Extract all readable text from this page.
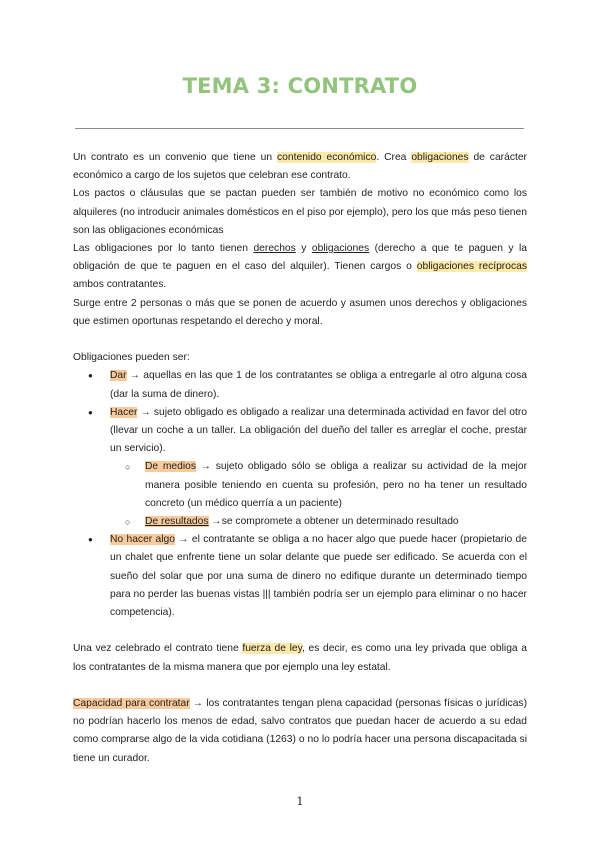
TEMA 3: CONTRATO

Un contrato es un convenio que tiene un contenido económico. Crea obligaciones de carácter económico a cargo de los sujetos que celebran ese contrato.

Los pactos o cláusulas que se pactan pueden ser también de motivo no económico como los alquileres (no introducir animales domésticos en el piso por ejemplo), pero los que más peso tienen son las obligaciones económicas

Las obligaciones por lo tanto tienen derechos y obligaciones (derecho a que te paguen y la obligación de que te paguen en el caso del alquiler). Tienen cargos o obligaciones recíprocas ambos contratantes.

Surge entre 2 personas o más que se ponen de acuerdo y asumen unos derechos y obligaciones que estimen oportunas respetando el derecho y moral.

Obligaciones pueden ser:

● Dar → aquellas en las que 1 de los contratantes se obliga a entregarle al otro alguna cosa (dar la suma de dinero).
● Hacer → sujeto obligado es obligado a realizar una determinada actividad en favor del otro (llevar un coche a un taller. La obligación del dueño del taller es arreglar el coche, prestar un servicio).
○ De medios → sujeto obligado sólo se obliga a realizar su actividad de la mejor manera posible teniendo en cuenta su profesión, pero no ha tener un resultado concreto (un médico querría a un paciente)
○ De resultados →se compromete a obtener un determinado resultado
● No hacer algo → el contratante se obliga a no hacer algo que puede hacer (propietario de un chalet que enfrente tiene un solar delante que puede ser edificado. Se acuerda con el sueño del solar que por una suma de dinero no edifique durante un determinado tiempo para no perder las buenas vistas ||| también podría ser un ejemplo para eliminar o no hacer competencia).

Una vez celebrado el contrato tiene fuerza de ley, es decir, es como una ley privada que obliga a los contratantes de la misma manera que por ejemplo una ley estatal.

Capacidad para contratar → los contratantes tengan plena capacidad (personas físicas o jurídicas) no podrían hacerlo los menos de edad, salvo contratos que puedan hacer de acuerdo a su edad como comprarse algo de la vida cotidiana (1263) o no lo podría hacer una persona discapacitada si tiene un curador.

1
